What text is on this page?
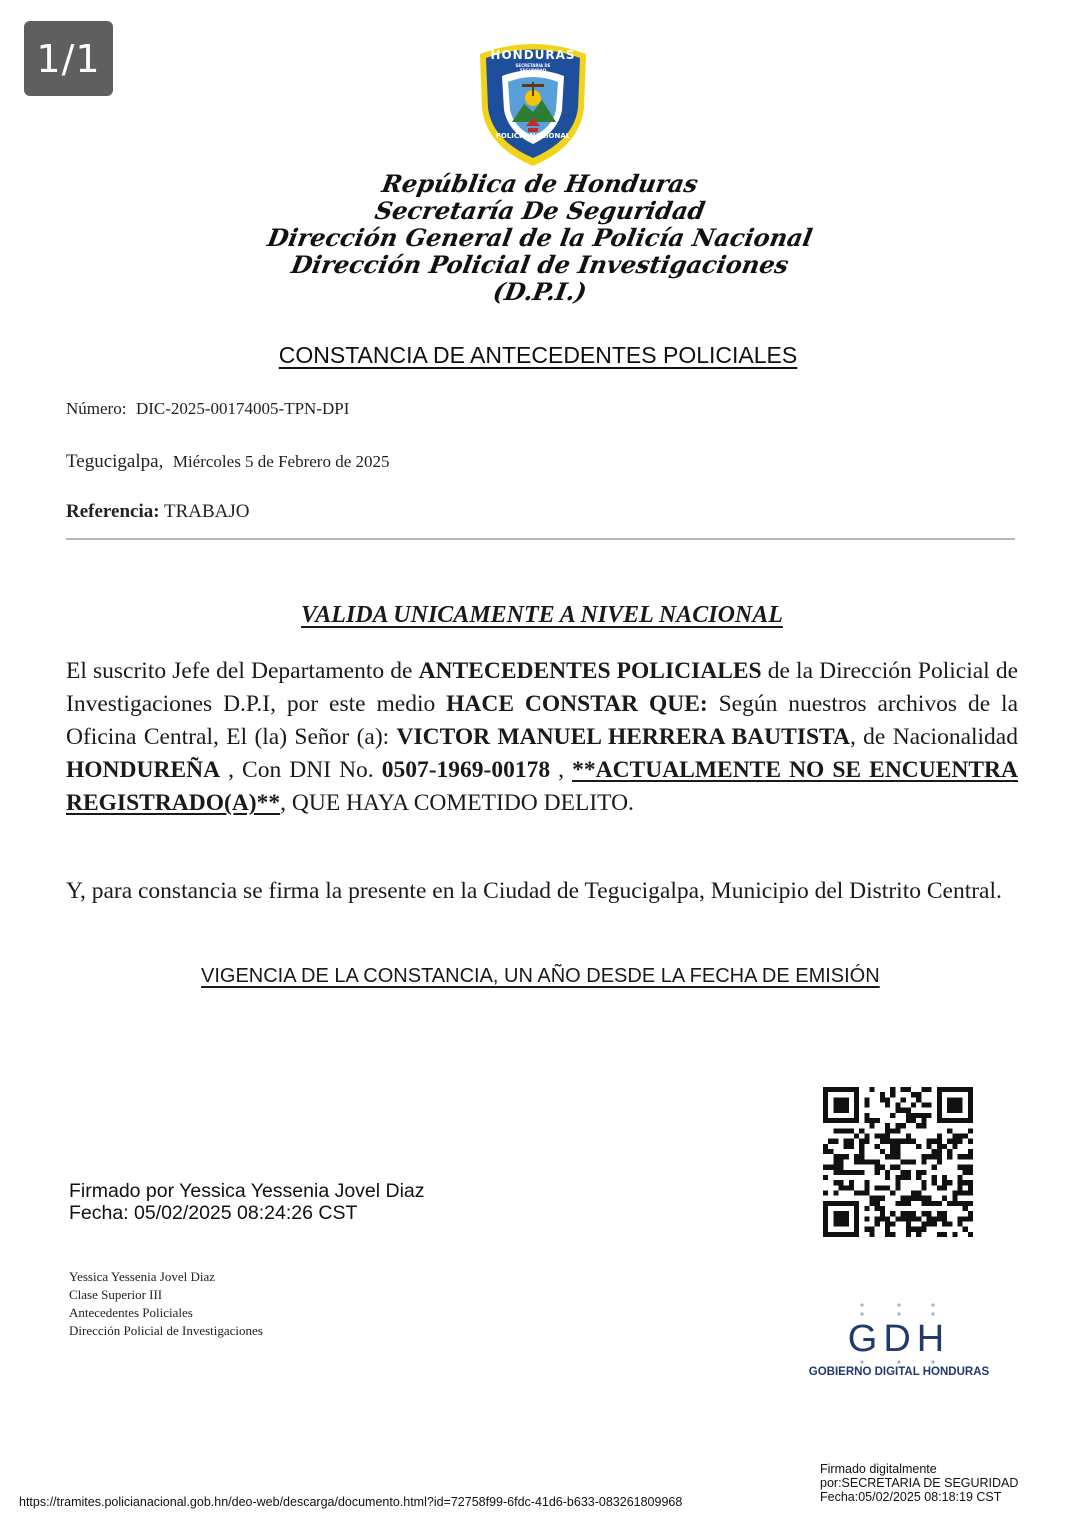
1/1	HONDURAS
SECRETARIA DE SEGURIDAD
POLICIA NACIONAL
República de Honduras
Secretaría De Seguridad
Dirección General de la Policía Nacional
Dirección Policial de Investigaciones
(D.P.I.)
CONSTANCIA DE ANTECEDENTES POLICIALES
Número: DIC-2025-00174005-TPN-DPI
Tegucigalpa, Miércoles 5 de Febrero de 2025
Referencia: TRABAJO
VALIDA UNICAMENTE A NIVEL NACIONAL
El suscrito Jefe del Departamento de ANTECEDENTES POLICIALES de la Dirección Policial de Investigaciones D.P.I, por este medio HACE CONSTAR QUE: Según nuestros archivos de la Oficina Central, El (la) Señor (a): VICTOR MANUEL HERRERA BAUTISTA, de Nacionalidad HONDUREÑA , Con DNI No. 0507-1969-00178 , **ACTUALMENTE NO SE ENCUENTRA REGISTRADO(A)**, QUE HAYA COMETIDO DELITO.
Y, para constancia se firma la presente en la Ciudad de Tegucigalpa, Municipio del Distrito Central.
VIGENCIA DE LA CONSTANCIA, UN AÑO DESDE LA FECHA DE EMISIÓN
Firmado por Yessica Yessenia Jovel Diaz
Fecha: 05/02/2025 08:24:26 CST
Yessica Yessenia Jovel Diaz
Clase Superior III
Antecedentes Policiales
Dirección Policial de Investigaciones	GDH
GOBIERNO DIGITAL HONDURAS
Firmado digitalmente
por:SECRETARIA DE SEGURIDAD
Fecha:05/02/2025 08:18:19 CST
https://tramites.policianacional.gob.hn/deo-web/descarga/documento.html?id=72758f99-6fdc-41d6-b633-083261809968
